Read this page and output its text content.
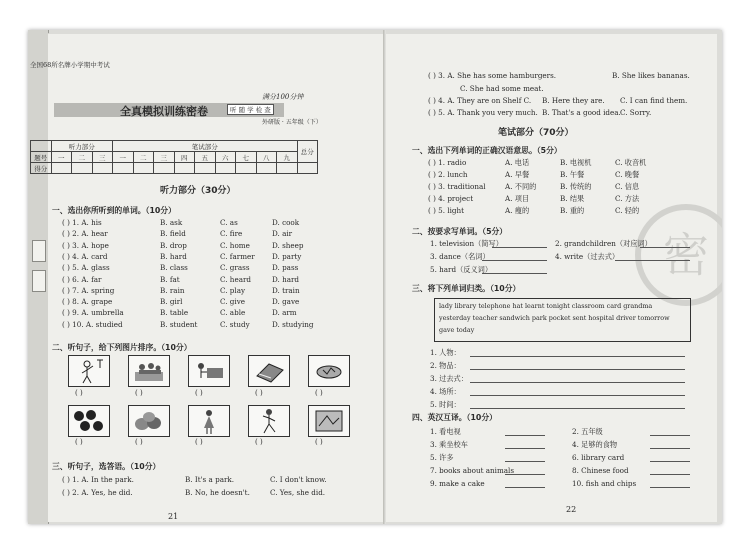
密
全国68所名牌小学期中考试
满分100分钟
全真模拟训练密卷	听 随 学 检 查
外研版 · 五年级（下）
	听力部分			笔试部分									总分
题号	一	二	三	一	二	三	四	五	六	七	八	九	
得分													
听力部分（30分）
一、选出你所听到的单词。（10分）
( ) 1. A. his	B. ask	C. as	D. cook
( ) 2. A. hear	B. field	C. fire	D. air
( ) 3. A. hope	B. drop	C. home	D. sheep
( ) 4. A. card	B. hard	C. farmer D. party
( ) 5. A. glass	B. class	C. grass	D. pass
( ) 6. A. far	B. fat	C. heard	D. hard
( ) 7. A. spring	B. rain	C. play	D. train
( ) 8. A. grape	B. girl	C. give	D. gave
( ) 9. A. umbrella	B. table	C. able	D. arm
( ) 10. A. studied	B. student	C. study	D. studying
二、听句子，给下列图片排序。（10分）
( )	( )	( )	( )	( )
( )	( )	( )	( )	( )
三、听句子，选答语。（10分）
( ) 1. A. In the park.	B. It's a park.	C. I don't know.
( ) 2. A. Yes, he did.	B. No, he doesn't.	C. Yes, she did.
21
( ) 3. A. She has some hamburgers.	B. She likes bananas.
C. She had some meat.
( ) 4. A. They are on Shelf C. B. Here they are. C. I can find them.
( ) 5. A. Thank you very much. B. That's a good idea. C. Sorry.
笔试部分（70分）
一、选出下列单词的正确汉语意思。（5分）
( ) 1. radio	A. 电话	B. 电视机	C. 收音机
( ) 2. lunch	A. 早餐	B. 午餐	C. 晚餐
( ) 3. traditional	A. 不同的	B. 传统的	C. 信息
( ) 4. project	A. 项目	B. 结果	C. 方法
( ) 5. light	A. 瘦的	B. 重的	C. 轻的
二、按要求写单词。（5分）
1. television（简写）	2. grandchildren（对应词）
3. dance（名词）	4. write（过去式）
5. hard（反义词）
三、将下列单词归类。（10分）
lady library telephone hat learnt tonight classroom card grandma
yesterday teacher sandwich park pocket sent hospital driver tomorrow
gave today
1. 人物：
2. 物品：
3. 过去式：
4. 场所：
5. 时间：
四、英汉互译。（10分）
1. 看电视	2. 五年级
3. 乘坐校车	4. 足够的食物
5. 许多	6. library card
7. books about animals	8. Chinese food
9. make a cake	10. fish and chips
22
